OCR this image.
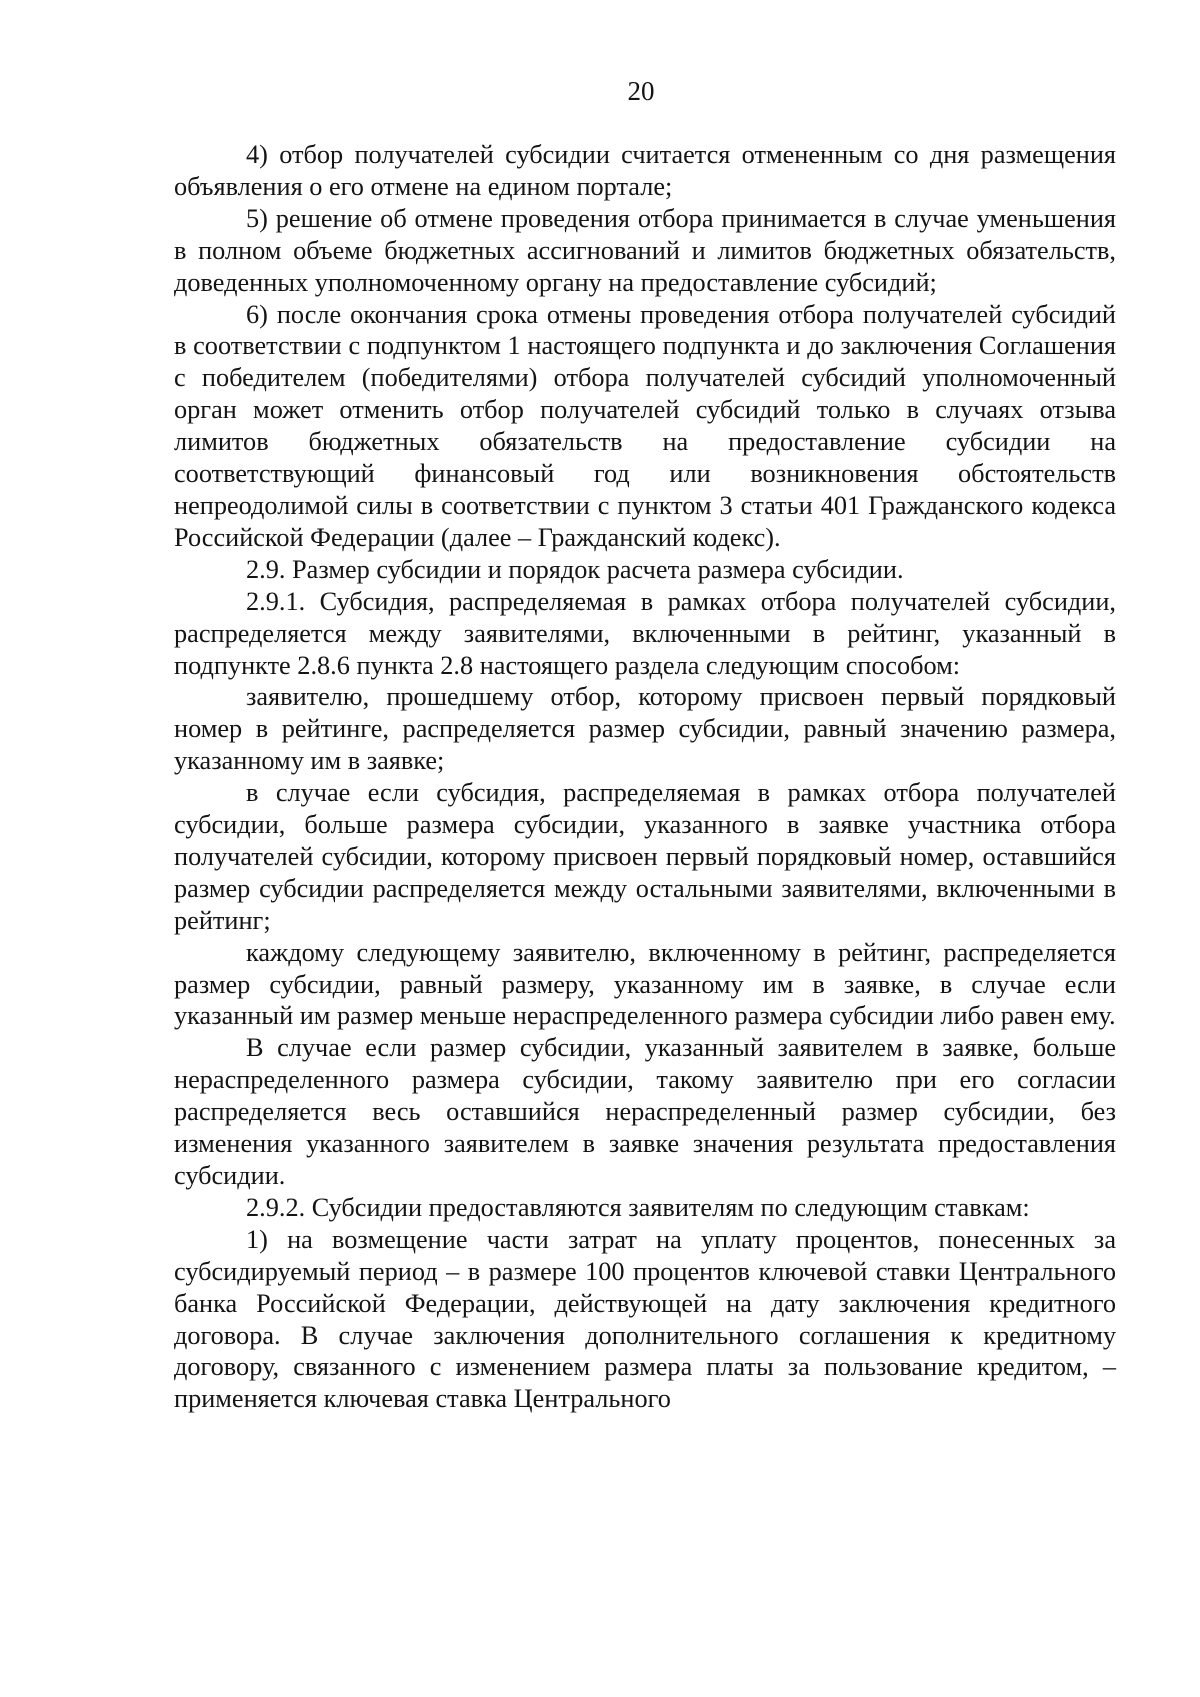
20

4) отбор получателей субсидии считается отмененным со дня размещения объявления о его отмене на едином портале;

5) решение об отмене проведения отбора принимается в случае уменьшения в полном объеме бюджетных ассигнований и лимитов бюджетных обязательств, доведенных уполномоченному органу на предоставление субсидий;

6) после окончания срока отмены проведения отбора получателей субсидий в соответствии с подпунктом 1 настоящего подпункта и до заключения Соглашения с победителем (победителями) отбора получателей субсидий уполномоченный орган может отменить отбор получателей субсидий только в случаях отзыва лимитов бюджетных обязательств на предоставление субсидии на соответствующий финансовый год или возникновения обстоятельств непреодолимой силы в соответствии с пунктом 3 статьи 401 Гражданского кодекса Российской Федерации (далее – Гражданский кодекс).

2.9. Размер субсидии и порядок расчета размера субсидии.

2.9.1. Субсидия, распределяемая в рамках отбора получателей субсидии, распределяется между заявителями, включенными в рейтинг, указанный в подпункте 2.8.6 пункта 2.8 настоящего раздела следующим способом:

заявителю, прошедшему отбор, которому присвоен первый порядковый номер в рейтинге, распределяется размер субсидии, равный значению размера, указанному им в заявке;

в случае если субсидия, распределяемая в рамках отбора получателей субсидии, больше размера субсидии, указанного в заявке участника отбора получателей субсидии, которому присвоен первый порядковый номер, оставшийся размер субсидии распределяется между остальными заявителями, включенными в рейтинг;

каждому следующему заявителю, включенному в рейтинг, распределяется размер субсидии, равный размеру, указанному им в заявке, в случае если указанный им размер меньше нераспределенного размера субсидии либо равен ему.

В случае если размер субсидии, указанный заявителем в заявке, больше нераспределенного размера субсидии, такому заявителю при его согласии распределяется весь оставшийся нераспределенный размер субсидии, без изменения указанного заявителем в заявке значения результата предоставления субсидии.

2.9.2. Субсидии предоставляются заявителям по следующим ставкам:

1) на возмещение части затрат на уплату процентов, понесенных за субсидируемый период – в размере 100 процентов ключевой ставки Центрального банка Российской Федерации, действующей на дату заключения кредитного договора. В случае заключения дополнительного соглашения к кредитному договору, связанного с изменением размера платы за пользование кредитом, – применяется ключевая ставка Центрального
